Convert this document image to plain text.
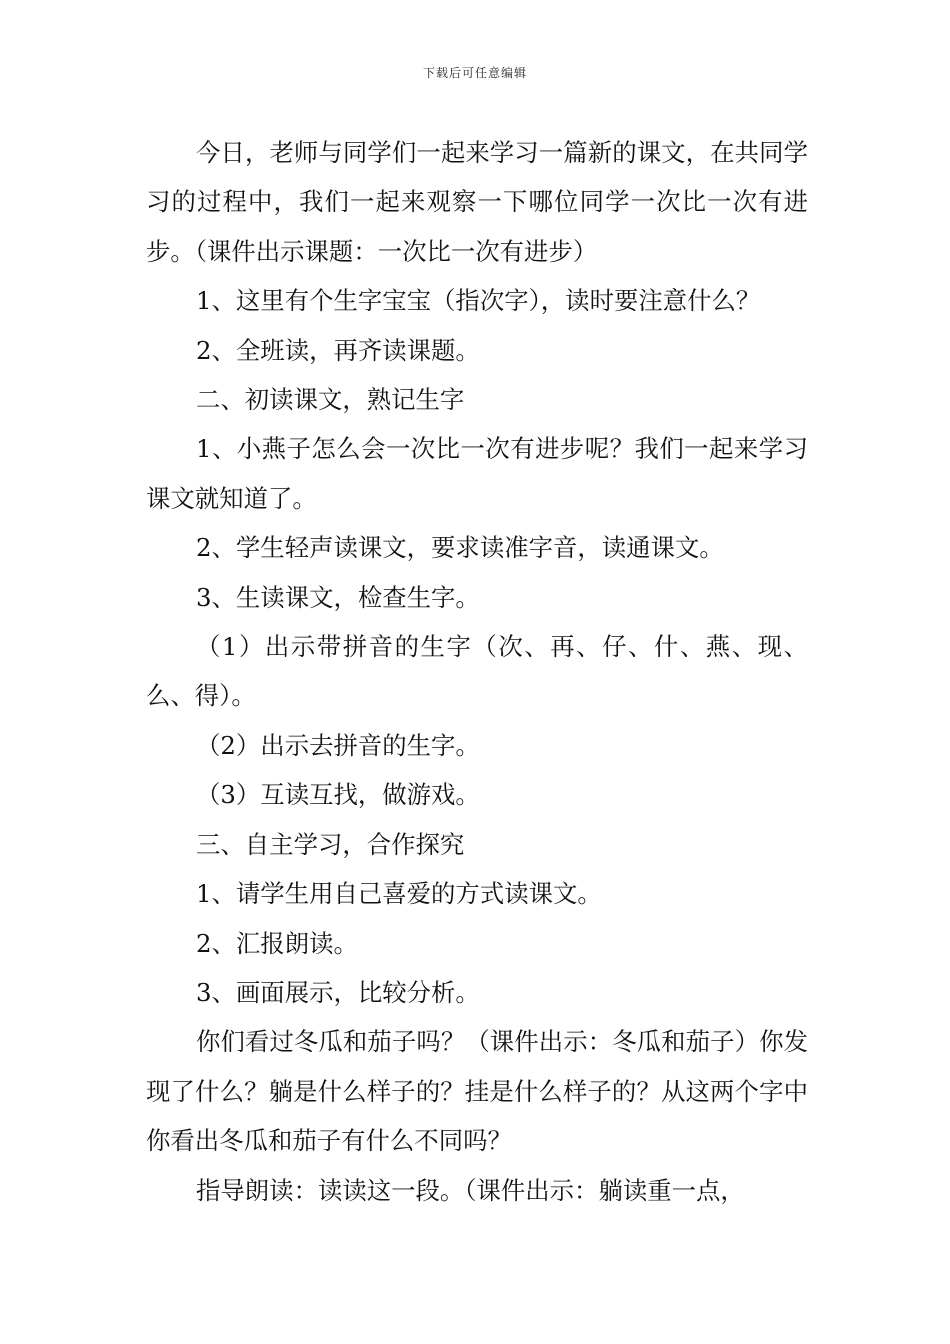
下载后可任意编辑

今日，老师与同学们一起来学习一篇新的课文，在共同学习的过程中，我们一起来观察一下哪位同学一次比一次有进步。（课件出示课题：一次比一次有进步）

1、这里有个生字宝宝（指次字），读时要注意什么？

2、全班读，再齐读课题。

二、初读课文，熟记生字

1、小燕子怎么会一次比一次有进步呢？我们一起来学习课文就知道了。

2、学生轻声读课文，要求读准字音，读通课文。

3、生读课文，检查生字。

（1）出示带拼音的生字（次、再、仔、什、燕、现、么、得）。

（2）出示去拼音的生字。

（3）互读互找，做游戏。

三、自主学习，合作探究

1、请学生用自己喜爱的方式读课文。

2、汇报朗读。

3、画面展示，比较分析。

你们看过冬瓜和茄子吗？（课件出示：冬瓜和茄子）你发现了什么？躺是什么样子的？挂是什么样子的？从这两个字中你看出冬瓜和茄子有什么不同吗？

指导朗读：读读这一段。（课件出示：躺读重一点，
